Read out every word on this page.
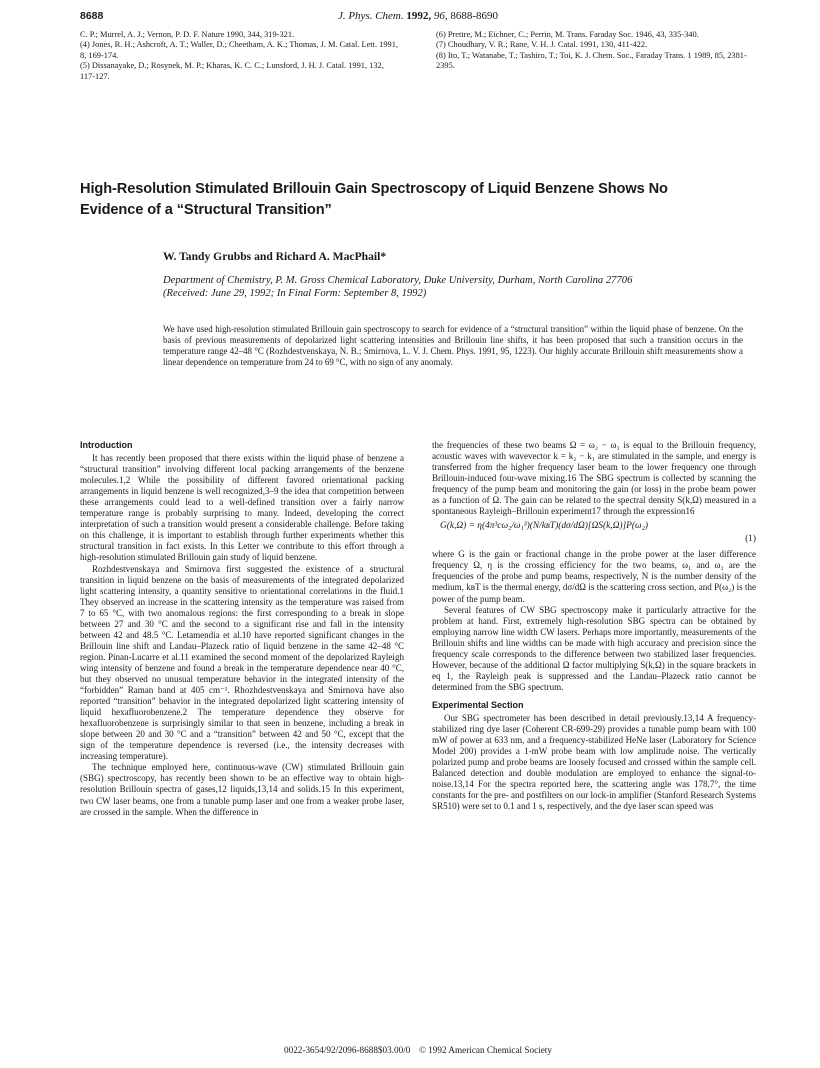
8688	J. Phys. Chem. 1992, 96, 8688-8690

C. P.; Murrel, A. J.; Vernon, P. D. F. Nature 1990, 344, 319-321.

(4) Jones, R. H.; Ashcroft, A. T.; Waller, D.; Cheetham, A. K.; Thomas, J. M. Catal. Lett. 1991, 8, 169-174.

(5) Dissanayake, D.; Rosynek, M. P.; Kharas, K. C. C.; Lunsford, J. H. J. Catal. 1991, 132, 117-127.

(6) Prettre, M.; Eichner, C.; Perrin, M. Trans. Faraday Soc. 1946, 43, 335-340.

(7) Choudhary, V. R.; Rane, V. H. J. Catal. 1991, 130, 411-422.

(8) Ito, T.; Watanabe, T.; Tashiro, T.; Toi, K. J. Chem. Soc., Faraday Trans. 1 1989, 85, 2381-2395.

High-Resolution Stimulated Brillouin Gain Spectroscopy of Liquid Benzene Shows No Evidence of a “Structural Transition”
W. Tandy Grubbs and Richard A. MacPhail*
Department of Chemistry, P. M. Gross Chemical Laboratory, Duke University, Durham, North Carolina 27706
(Received: June 29, 1992; In Final Form: September 8, 1992)
We have used high-resolution stimulated Brillouin gain spectroscopy to search for evidence of a “structural transition” within the liquid phase of benzene. On the basis of previous measurements of depolarized light scattering intensities and Brillouin line shifts, it has been proposed that such a transition occurs in the temperature range 42–48 °C (Rozhdestvenskaya, N. B.; Smirnova, L. V. J. Chem. Phys. 1991, 95, 1223). Our highly accurate Brillouin shift measurements show a linear dependence on temperature from 24 to 69 °C, with no sign of any anomaly.
Introduction

It has recently been proposed that there exists within the liquid phase of benzene a “structural transition” involving different local packing arrangements of the benzene molecules.1,2 While the possibility of different favored orientational packing arrangements in liquid benzene is well recognized,3–9 the idea that competition between these arrangements could lead to a well-defined transition over a fairly narrow temperature range is probably surprising to many. Indeed, developing the correct interpretation of such a transition would present a considerable challenge. Before taking on this challenge, it is important to establish through further experiments whether this structural transition in fact exists. In this Letter we contribute to this effort through a high-resolution stimulated Brillouin gain study of liquid benzene.

Rozhdestvenskaya and Smirnova first suggested the existence of a structural transition in liquid benzene on the basis of measurements of the integrated depolarized light scattering intensity, a quantity sensitive to orientational correlations in the fluid.1 They observed an increase in the scattering intensity as the temperature was raised from 7 to 65 °C, with two anomalous regions: the first corresponding to a break in slope between 27 and 30 °C and the second to a significant rise and fall in the intensity between 42 and 48.5 °C. Letamendia et al.10 have reported significant changes in the Brillouin line shift and Landau–Plazeck ratio of liquid benzene in the same 42–48 °C region. Pinan-Lucarre et al.11 examined the second moment of the depolarized Rayleigh wing intensity of benzene and found a break in the temperature dependence near 40 °C, but they observed no unusual temperature behavior in the integrated intensity of the “forbidden” Raman band at 405 cm⁻¹. Rhozhdestvenskaya and Smirnova have also reported “transition” behavior in the integrated depolarized light scattering intensity of liquid hexafluorobenzene.2 The temperature dependence they observe for hexafluorobenzene is surprisingly similar to that seen in benzene, including a break in slope between 20 and 30 °C and a “transition” between 42 and 50 °C, except that the sign of the temperature dependence is reversed (i.e., the intensity decreases with increasing temperature).

The technique employed here, continuous-wave (CW) stimulated Brillouin gain (SBG) spectroscopy, has recently been shown to be an effective way to obtain high-resolution Brillouin spectra of gases,12 liquids,13,14 and solids.15 In this experiment, two CW laser beams, one from a tunable pump laser and one from a weaker probe laser, are crossed in the sample. When the difference in

the frequencies of these two beams Ω = ω₂ − ω₁ is equal to the Brillouin frequency, acoustic waves with wavevector k = k₂ − k₁ are stimulated in the sample, and energy is transferred from the higher frequency laser beam to the lower frequency one through Brillouin-induced four-wave mixing.16 The SBG spectrum is collected by scanning the frequency of the pump beam and monitoring the gain (or loss) in the probe beam power as a function of Ω. The gain can be related to the spectral density S(k,Ω) measured in a spontaneous Rayleigh–Brillouin experiment17 through the expression16

G(k,Ω) = η(4π³cω₂/ω₁³)(N/kʙT)(dσ/dΩ)[ΩS(k,Ω)]P(ω₂)
(1)

where G is the gain or fractional change in the probe power at the laser difference frequency Ω, η is the crossing efficiency for the two beams, ω₁ and ω₂ are the frequencies of the probe and pump beams, respectively, N is the number density of the medium, kʙT is the thermal energy, dσ/dΩ is the scattering cross section, and P(ω₂) is the power of the pump beam.

Several features of CW SBG spectroscopy make it particularly attractive for the problem at hand. First, extremely high-resolution SBG spectra can be obtained by employing narrow line width CW lasers. Perhaps more importantly, measurements of the Brillouin shifts and line widths can be made with high accuracy and precision since the frequency scale corresponds to the difference between two stabilized laser frequencies. However, because of the additional Ω factor multiplying S(k,Ω) in the square brackets in eq 1, the Rayleigh peak is suppressed and the Landau–Plazeck ratio cannot be determined from the SBG spectrum.

Experimental Section

Our SBG spectrometer has been described in detail previously.13,14 A frequency-stabilized ring dye laser (Coherent CR-699-29) provides a tunable pump beam with 100 mW of power at 633 nm, and a frequency-stabilized HeNe laser (Laboratory for Science Model 200) provides a 1-mW probe beam with low amplitude noise. The vertically polarized pump and probe beams are loosely focused and crossed within the sample cell. Balanced detection and double modulation are employed to enhance the signal-to-noise.13,14 For the spectra reported here, the scattering angle was 178.7°, the time constants for the pre- and postfilters on our lock-in amplifier (Stanford Research Systems SR510) were set to 0.1 and 1 s, respectively, and the dye laser scan speed was

0022-3654/92/2096-8688$03.00/0 © 1992 American Chemical Society
